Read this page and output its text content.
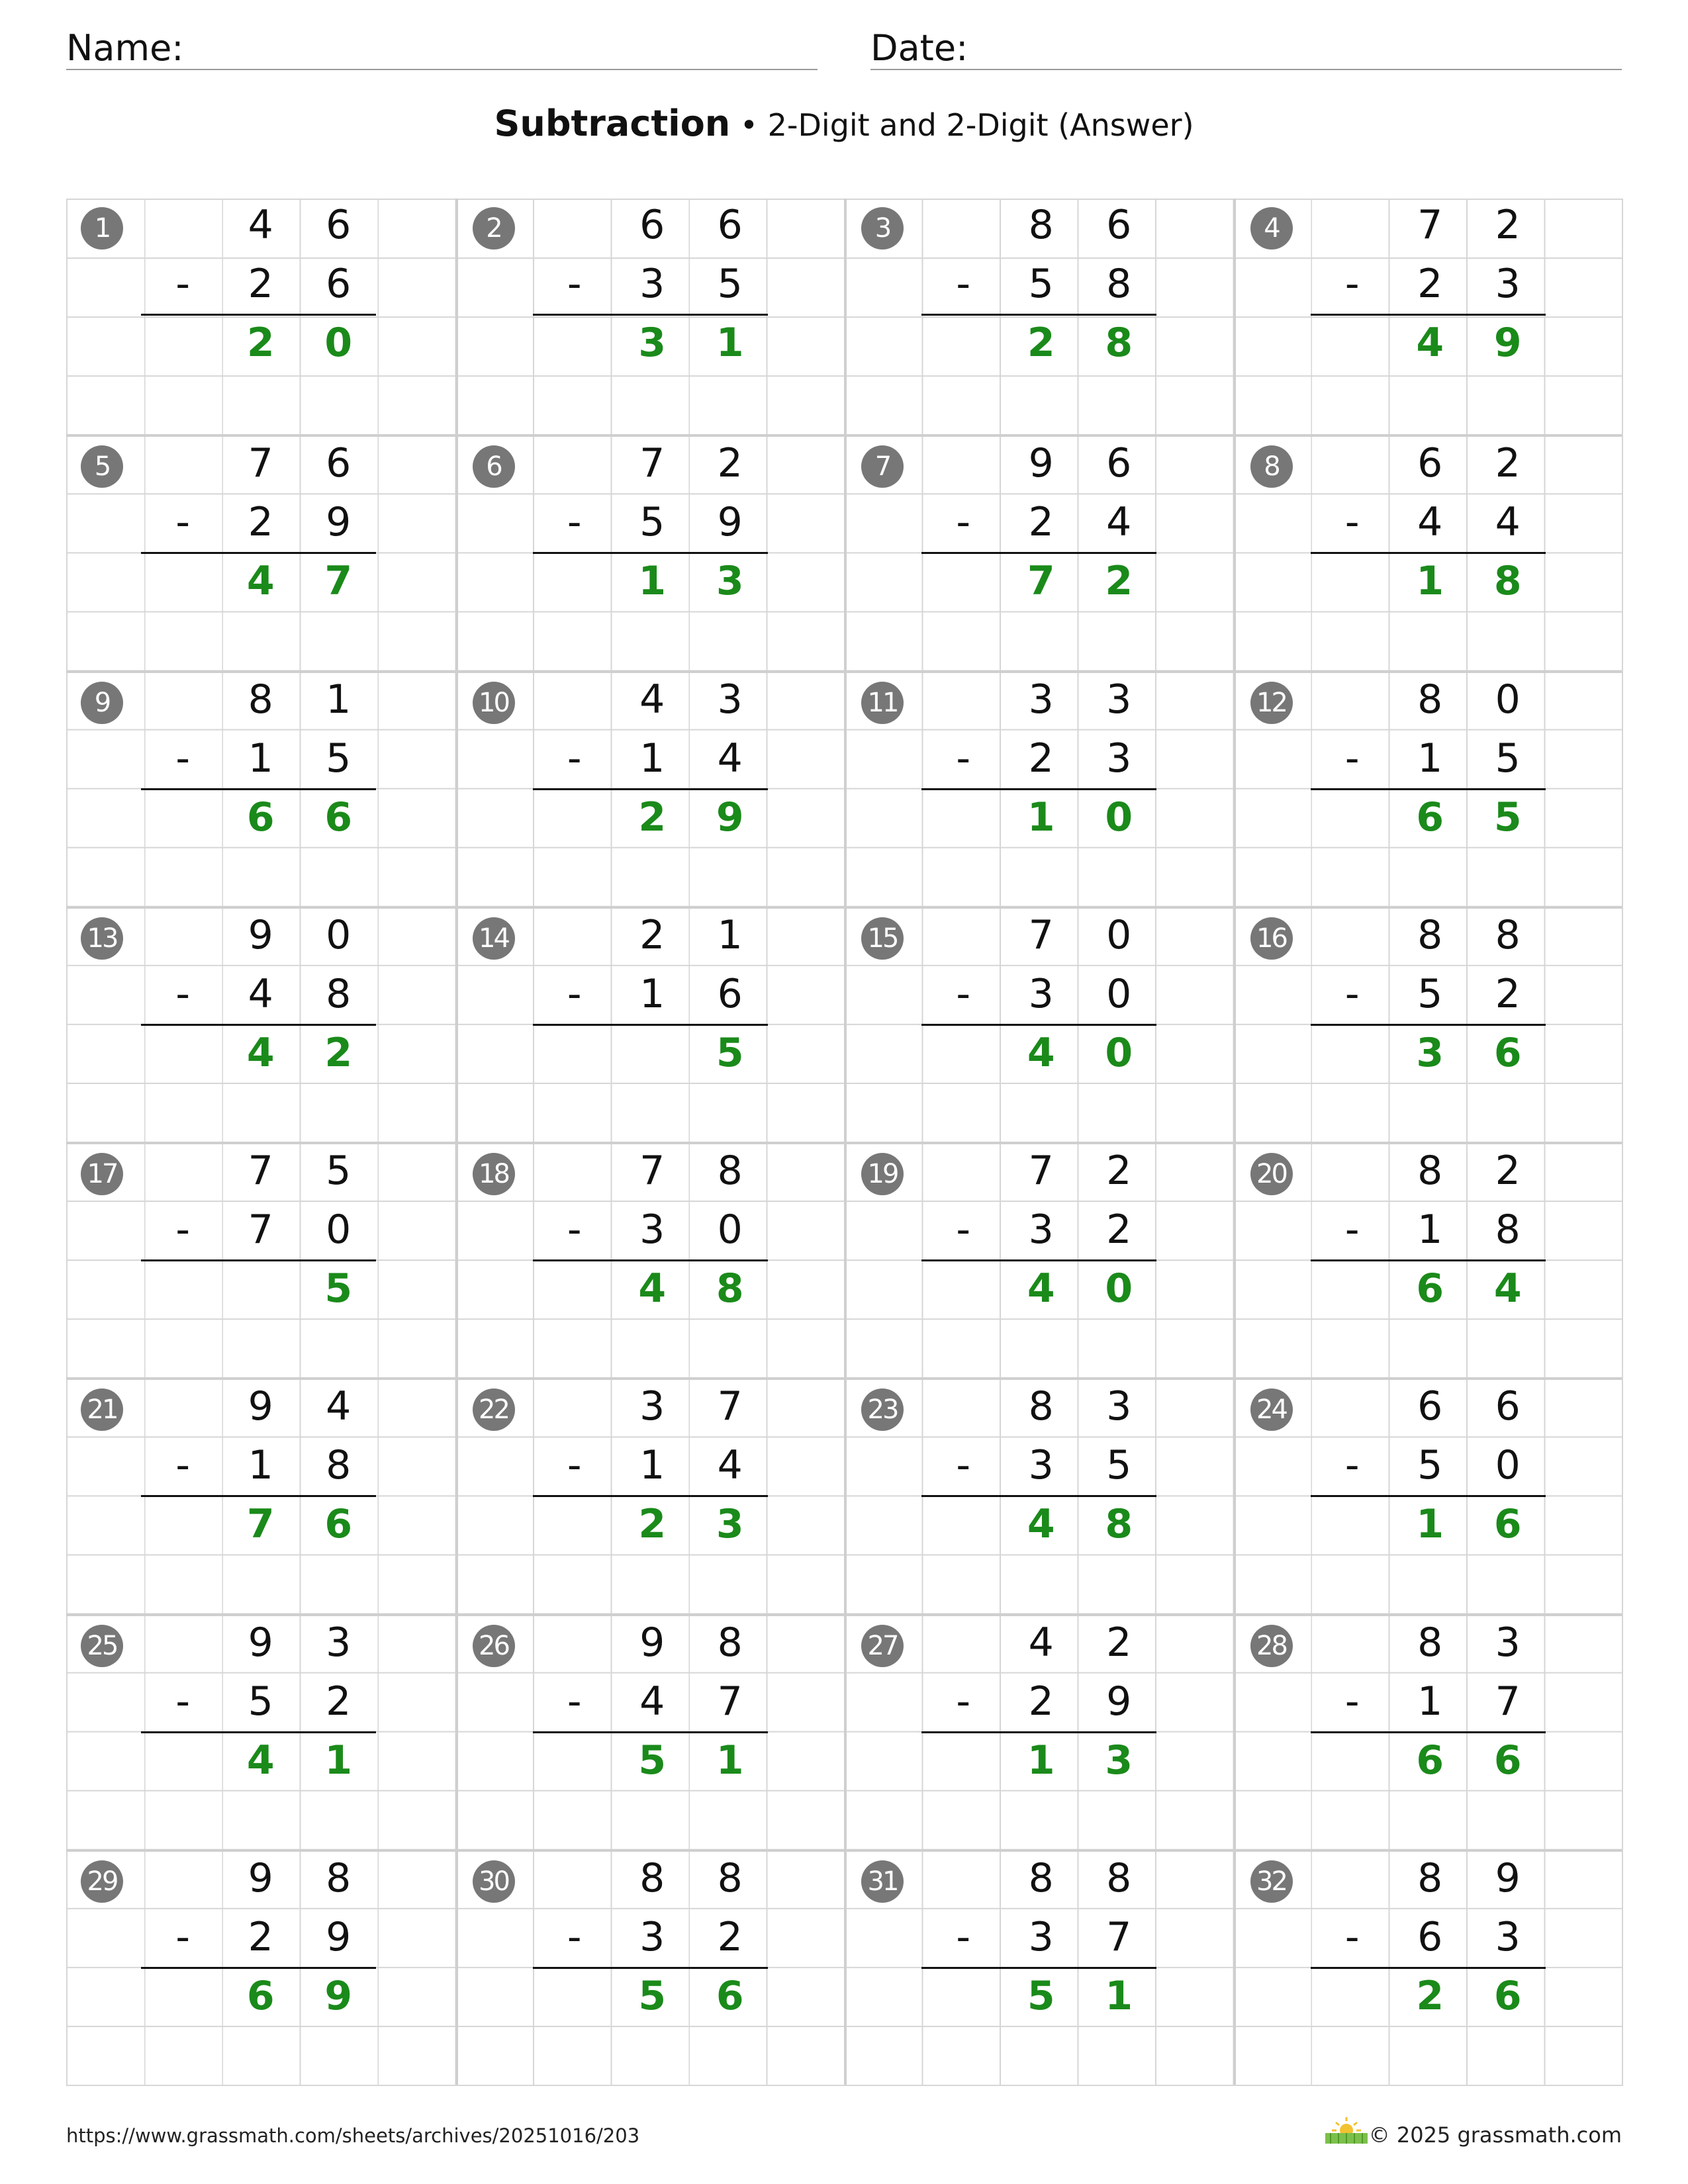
Name:	Date:
Subtraction • 2-Digit and 2-Digit (Answer)
1	4	6
-	2	6
2	0
2	6	6
-	3	5
3	1
3	8	6
-	5	8
2	8
4	7	2
-	2	3
4	9
5	7	6
-	2	9
4	7
6	7	2
-	5	9
1	3
7	9	6
-	2	4
7	2
8	6	2
-	4	4
1	8
9	8	1
-	1	5
6	6
10	4	3
-	1	4
2	9
11	3	3
-	2	3
1	0
12	8	0
-	1	5
6	5
13	9	0
-	4	8
4	2
14	2	1
-	1	6
5
15	7	0
-	3	0
4	0
16	8	8
-	5	2
3	6
17	7	5
-	7	0
5
18	7	8
-	3	0
4	8
19	7	2
-	3	2
4	0
20	8	2
-	1	8
6	4
21	9	4
-	1	8
7	6
22	3	7
-	1	4
2	3
23	8	3
-	3	5
4	8
24	6	6
-	5	0
1	6
25	9	3
-	5	2
4	1
26	9	8
-	4	7
5	1
27	4	2
-	2	9
1	3
28	8	3
-	1	7
6	6
29	9	8
-	2	9
6	9
30	8	8
-	3	2
5	6
31	8	8
-	3	7
5	1
32	8	9
-	6	3
2	6
https://www.grassmath.com/sheets/archives/20251016/203	© 2025 grassmath.com
